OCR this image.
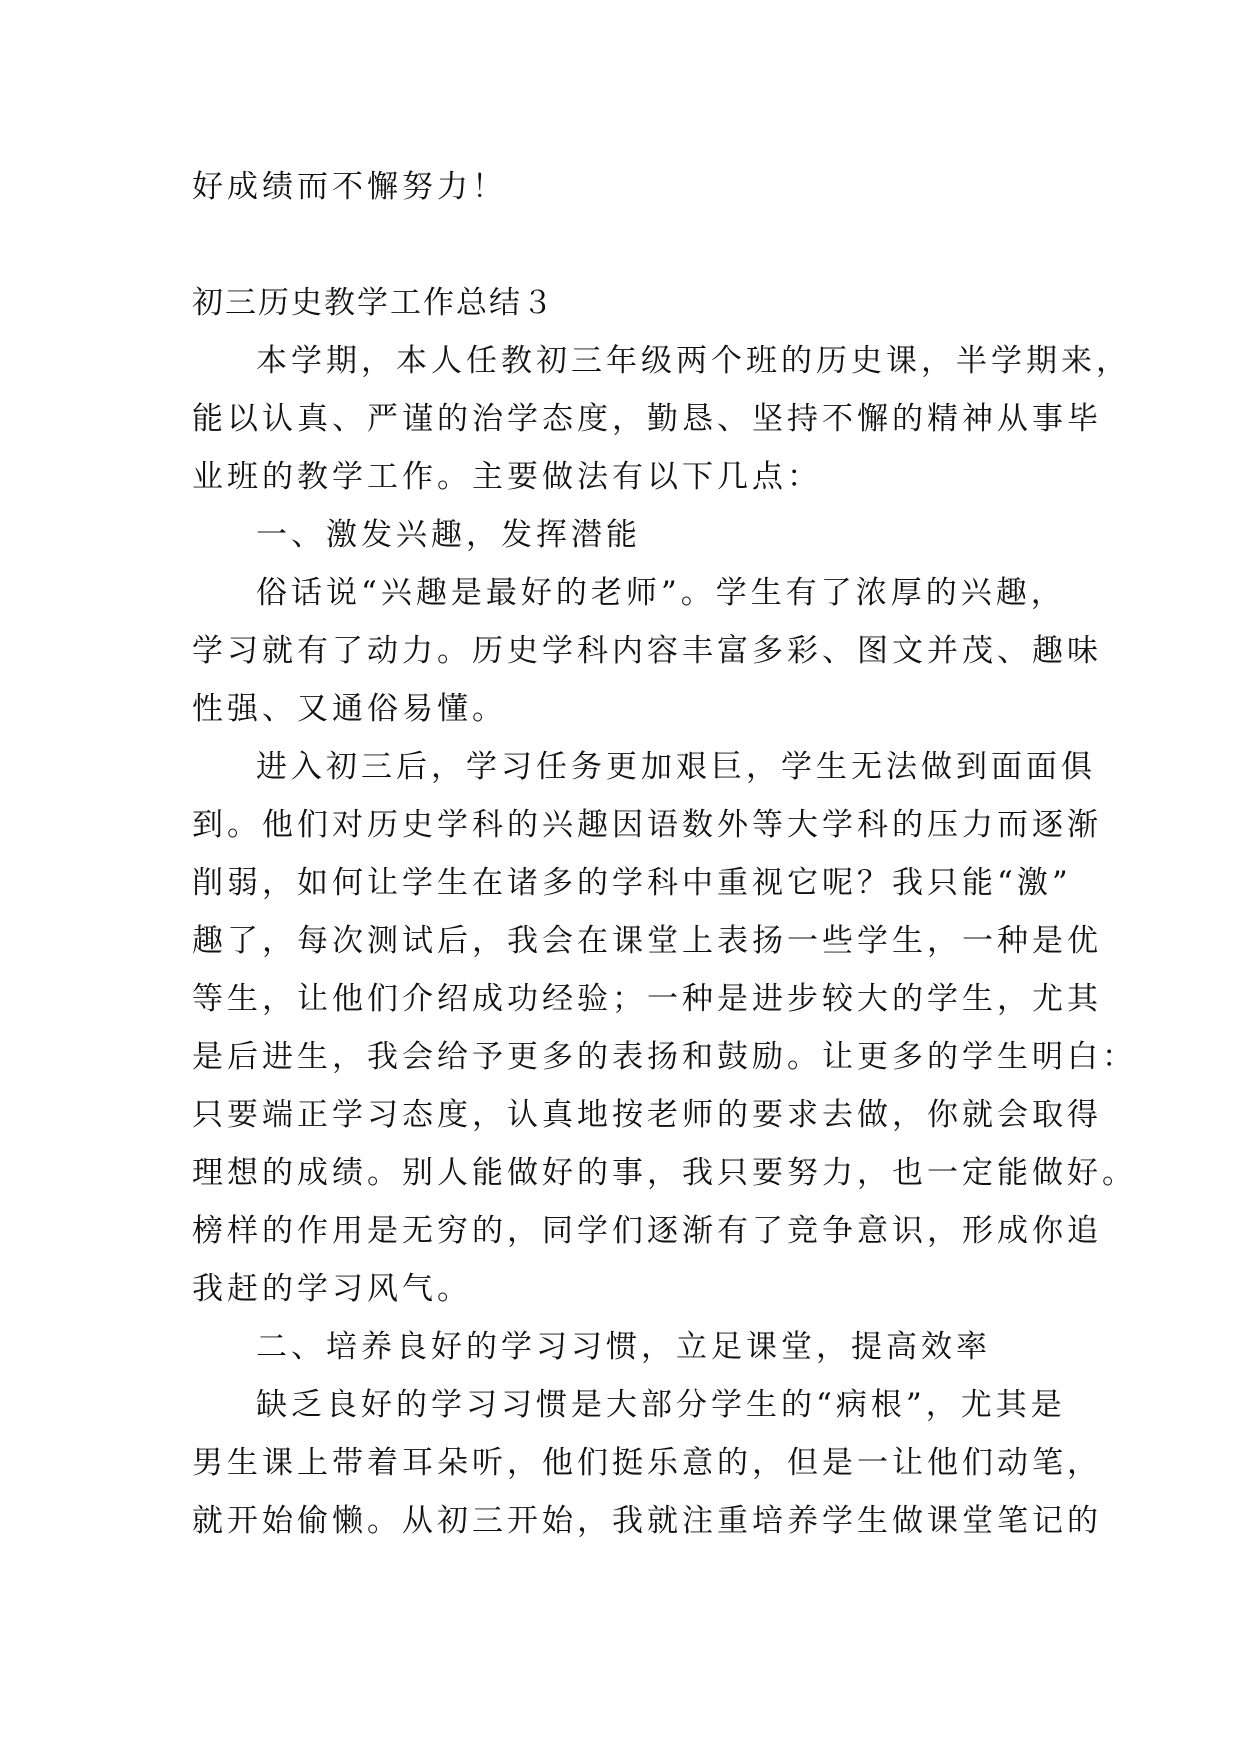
好成绩而不懈努力！
初三历史教学工作总结３
本学期，本人任教初三年级两个班的历史课，半学期来，
能以认真、严谨的治学态度，勤恳、坚持不懈的精神从事毕
业班的教学工作。主要做法有以下几点：
一、激发兴趣，发挥潜能
俗话说“兴趣是最好的老师”。学生有了浓厚的兴趣，
学习就有了动力。历史学科内容丰富多彩、图文并茂、趣味
性强、又通俗易懂。
进入初三后，学习任务更加艰巨，学生无法做到面面俱
到。他们对历史学科的兴趣因语数外等大学科的压力而逐渐
削弱，如何让学生在诸多的学科中重视它呢？我只能“激”
趣了，每次测试后，我会在课堂上表扬一些学生，一种是优
等生，让他们介绍成功经验；一种是进步较大的学生，尤其
是后进生，我会给予更多的表扬和鼓励。让更多的学生明白：
只要端正学习态度，认真地按老师的要求去做，你就会取得
理想的成绩。别人能做好的事，我只要努力，也一定能做好。
榜样的作用是无穷的，同学们逐渐有了竞争意识，形成你追
我赶的学习风气。
二、培养良好的学习习惯，立足课堂，提高效率
缺乏良好的学习习惯是大部分学生的“病根”，尤其是
男生课上带着耳朵听，他们挺乐意的，但是一让他们动笔，
就开始偷懒。从初三开始，我就注重培养学生做课堂笔记的
